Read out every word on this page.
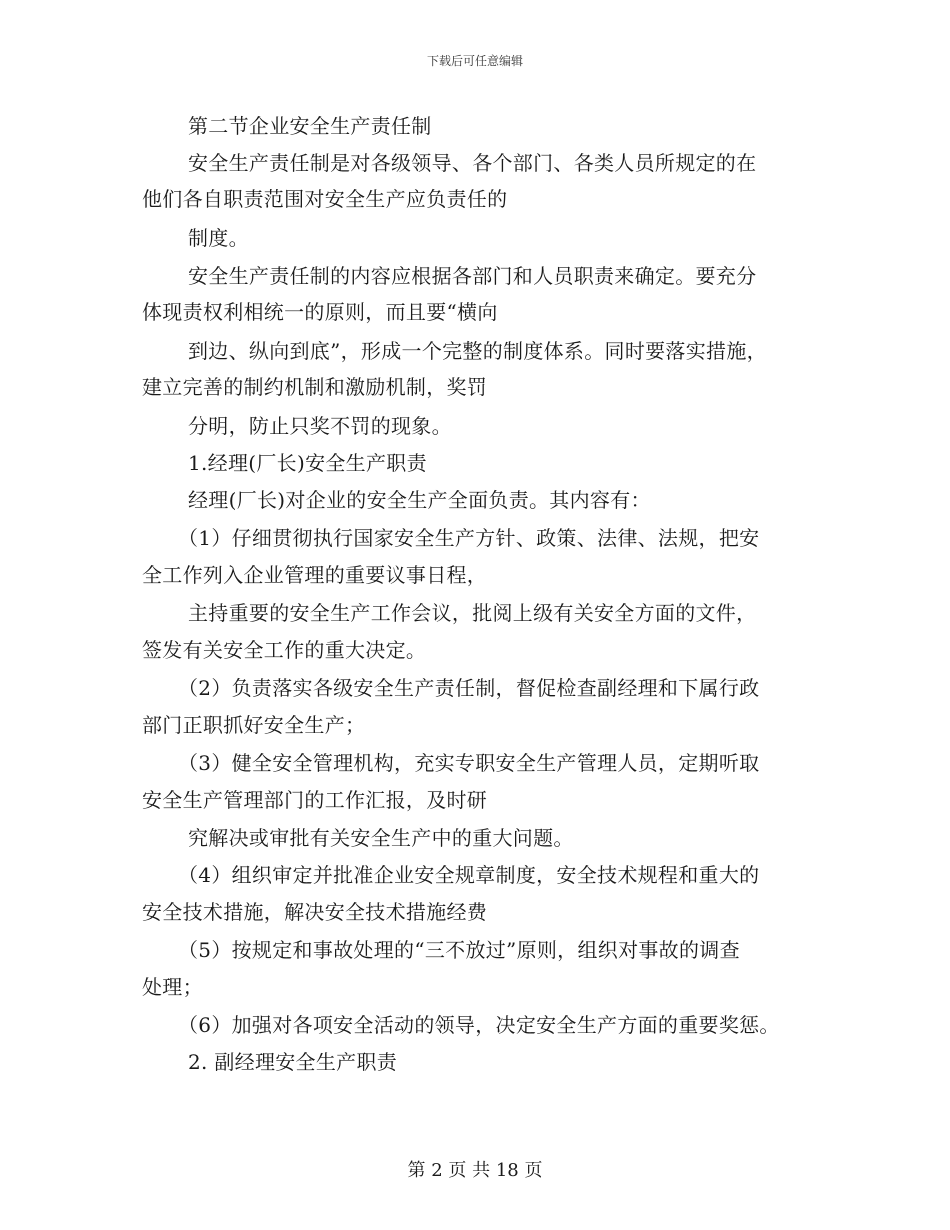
下载后可任意编辑
第二节企业安全生产责任制
安全生产责任制是对各级领导、各个部门、各类人员所规定的在
他们各自职责范围对安全生产应负责任的
制度。
安全生产责任制的内容应根据各部门和人员职责来确定。要充分
体现责权利相统一的原则，而且要“横向
到边、纵向到底”，形成一个完整的制度体系。同时要落实措施，
建立完善的制约机制和激励机制，奖罚
分明，防止只奖不罚的现象。
1.经理(厂长)安全生产职责
经理(厂长)对企业的安全生产全面负责。其内容有：
（1）仔细贯彻执行国家安全生产方针、政策、法律、法规，把安
全工作列入企业管理的重要议事日程，
主持重要的安全生产工作会议，批阅上级有关安全方面的文件，
签发有关安全工作的重大决定。
（2）负责落实各级安全生产责任制，督促检查副经理和下属行政
部门正职抓好安全生产；
（3）健全安全管理机构，充实专职安全生产管理人员，定期听取
安全生产管理部门的工作汇报，及时研
究解决或审批有关安全生产中的重大问题。
（4）组织审定并批准企业安全规章制度，安全技术规程和重大的
安全技术措施，解决安全技术措施经费
（5）按规定和事故处理的“三不放过”原则，组织对事故的调查
处理；
（6）加强对各项安全活动的领导，决定安全生产方面的重要奖惩。
2. 副经理安全生产职责
第 2 页 共 18 页
